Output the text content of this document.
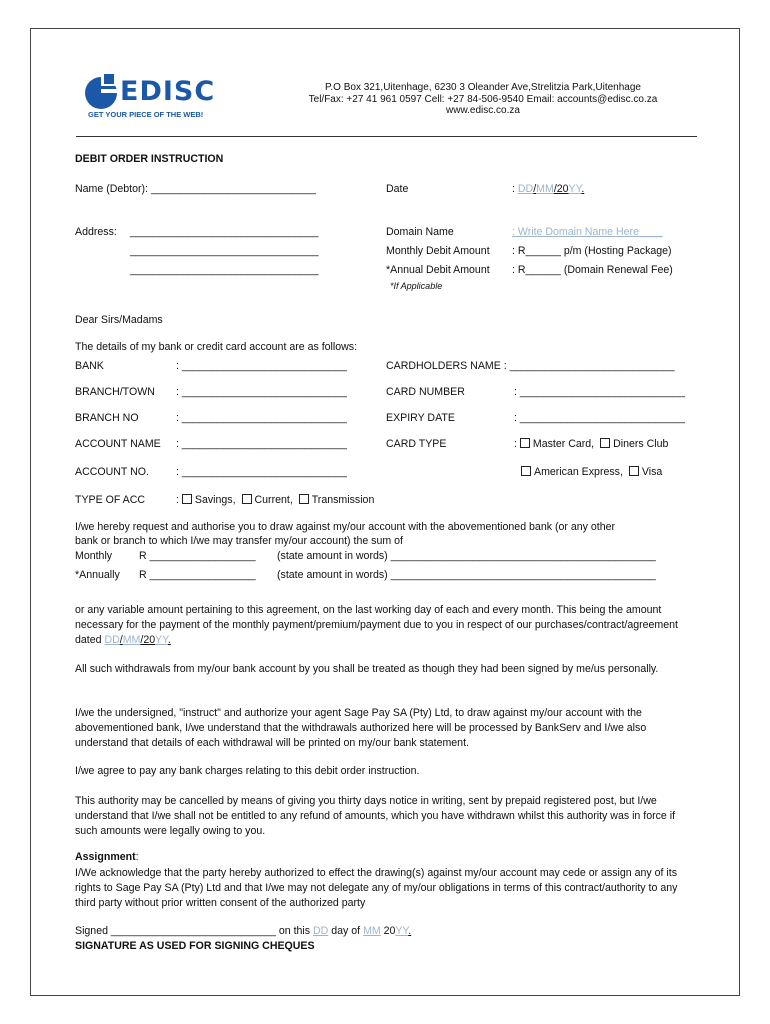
EDISC
GET YOUR PIECE OF THE WEB!
P.O Box 321,Uitenhage, 6230 3 Oleander Ave,Strelitzia Park,Uitenhage
Tel/Fax: +27 41 961 0597 Cell: +27 84-506-9540 Email: accounts@edisc.co.za
www.edisc.co.za
DEBIT ORDER INSTRUCTION
Name (Debtor): ____________________________	Date	: DD/MM/20YY.
Address: ________________________________
________________________________
________________________________
Domain Name	: Write Domain Name Here____
Monthly Debit Amount : R______ p/m (Hosting Package)
*Annual Debit Amount : R______ (Domain Renewal Fee)
*If Applicable
Dear Sirs/Madams
The details of my bank or credit card account are as follows:
BANK	: ____________________________
BRANCH/TOWN : ____________________________
BRANCH NO	: ____________________________
ACCOUNT NAME : ____________________________
ACCOUNT NO.	: ____________________________
CARDHOLDERS NAME : ____________________________
CARD NUMBER	: ____________________________
EXPIRY DATE	: ____________________________
CARD TYPE	: Master Card, Diners Club
American Express, Visa
TYPE OF ACC	: Savings, Current, Transmission
I/we hereby request and authorise you to draw against my/our account with the abovementioned bank (or any other
bank or branch to which I/we may transfer my/our account) the sum of
Monthly	R __________________ (state amount in words) _____________________________________________
*Annually R __________________ (state amount in words) _____________________________________________
or any variable amount pertaining to this agreement, on the last working day of each and every month. This being the amount necessary for the payment of the monthly payment/premium/payment due to you in respect of our purchases/contract/agreement dated DD/MM/20YY.
All such withdrawals from my/our bank account by you shall be treated as though they had been signed by me/us personally.
I/we the undersigned, "instruct" and authorize your agent Sage Pay SA (Pty) Ltd, to draw against my/our account with the abovementioned bank, I/we understand that the withdrawals authorized here will be processed by BankServ and I/we also understand that details of each withdrawal will be printed on my/our bank statement.
I/we agree to pay any bank charges relating to this debit order instruction.
This authority may be cancelled by means of giving you thirty days notice in writing, sent by prepaid registered post, but I/we understand that I/we shall not be entitled to any refund of amounts, which you have withdrawn whilst this authority was in force if such amounts were legally owing to you.
Assignment:
I/We acknowledge that the party hereby authorized to effect the drawing(s) against my/our account may cede or assign any of its rights to Sage Pay SA (Pty) Ltd and that I/we may not delegate any of my/our obligations in terms of this contract/authority to any third party without prior written consent of the authorized party
Signed ____________________________ on this DD day of MM 20YY.
SIGNATURE AS USED FOR SIGNING CHEQUES
